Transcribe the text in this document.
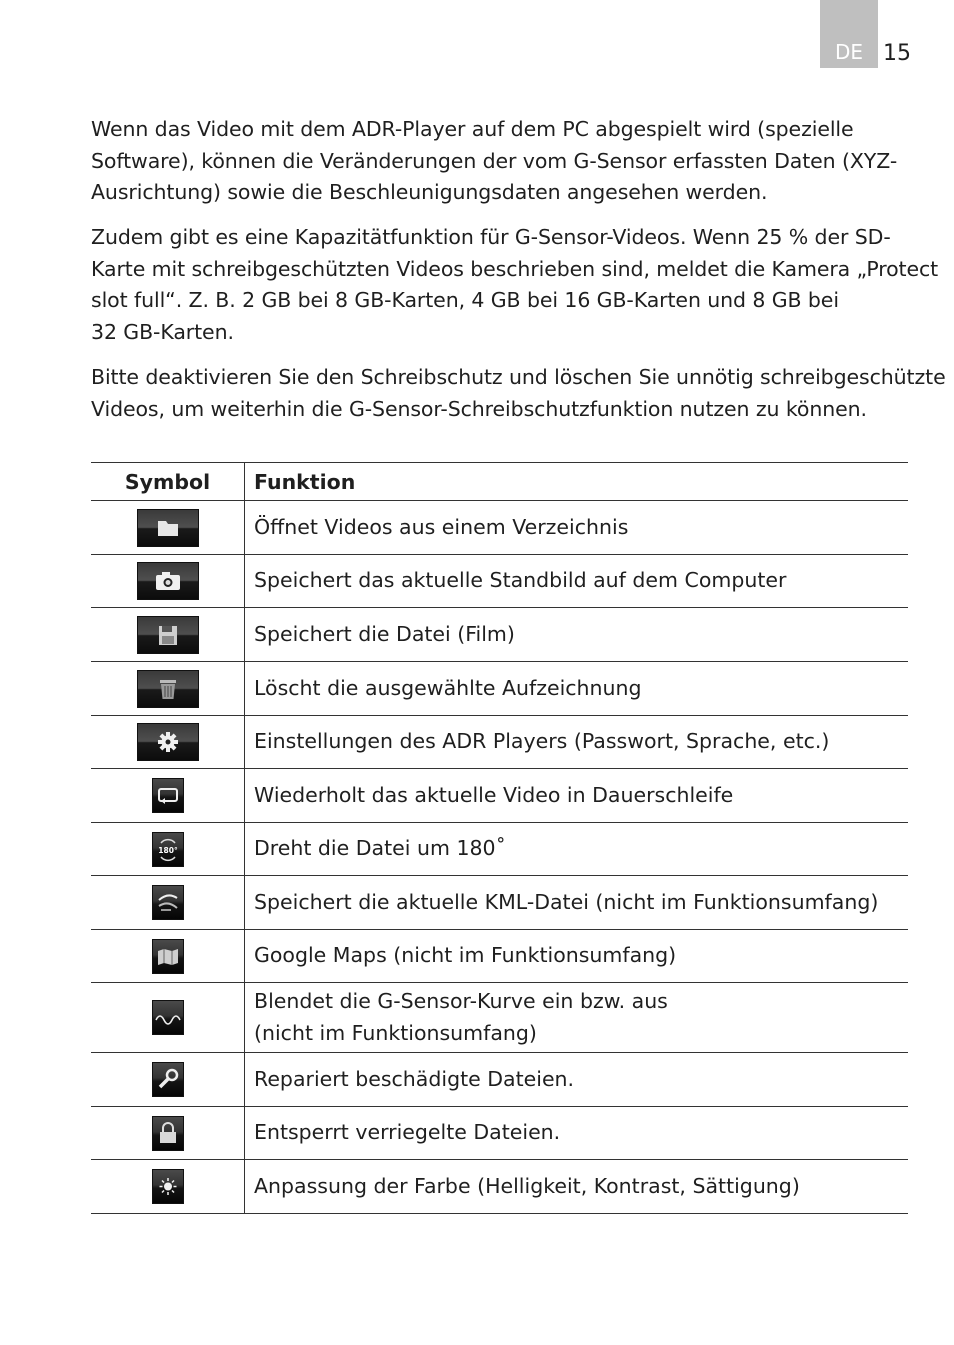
DE 15

Wenn das Video mit dem ADR-Player auf dem PC abgespielt wird (spezielle
Software), können die Veränderungen der vom G-Sensor erfassten Daten (XYZ-
Ausrichtung) sowie die Beschleunigungsdaten angesehen werden.

Zudem gibt es eine Kapazitätfunktion für G-Sensor-Videos. Wenn 25 % der SD-
Karte mit schreibgeschützten Videos beschrieben sind, meldet die Kamera „Protect
slot full“. Z. B. 2 GB bei 8 GB-Karten, 4 GB bei 16 GB-Karten und 8 GB bei
32 GB-Karten.

Bitte deaktivieren Sie den Schreibschutz und löschen Sie unnötig schreibgeschützte
Videos, um weiterhin die G-Sensor-Schreibschutzfunktion nutzen zu können.

Symbol	Funktion

Öffnet Videos aus einem Verzeichnis

Speichert das aktuelle Standbild auf dem Computer

Speichert die Datei (Film)

Löscht die ausgewählte Aufzeichnung

Einstellungen des ADR Players (Passwort, Sprache, etc.)

Wiederholt das aktuelle Video in Dauerschleife

180°	Dreht die Datei um 180˚

Speichert die aktuelle KML-Datei (nicht im Funktionsumfang)

Google Maps (nicht im Funktionsumfang)

Blendet die G-Sensor-Kurve ein bzw. aus
(nicht im Funktionsumfang)

Repariert beschädigte Dateien.

Entsperrt verriegelte Dateien.

Anpassung der Farbe (Helligkeit, Kontrast, Sättigung)
